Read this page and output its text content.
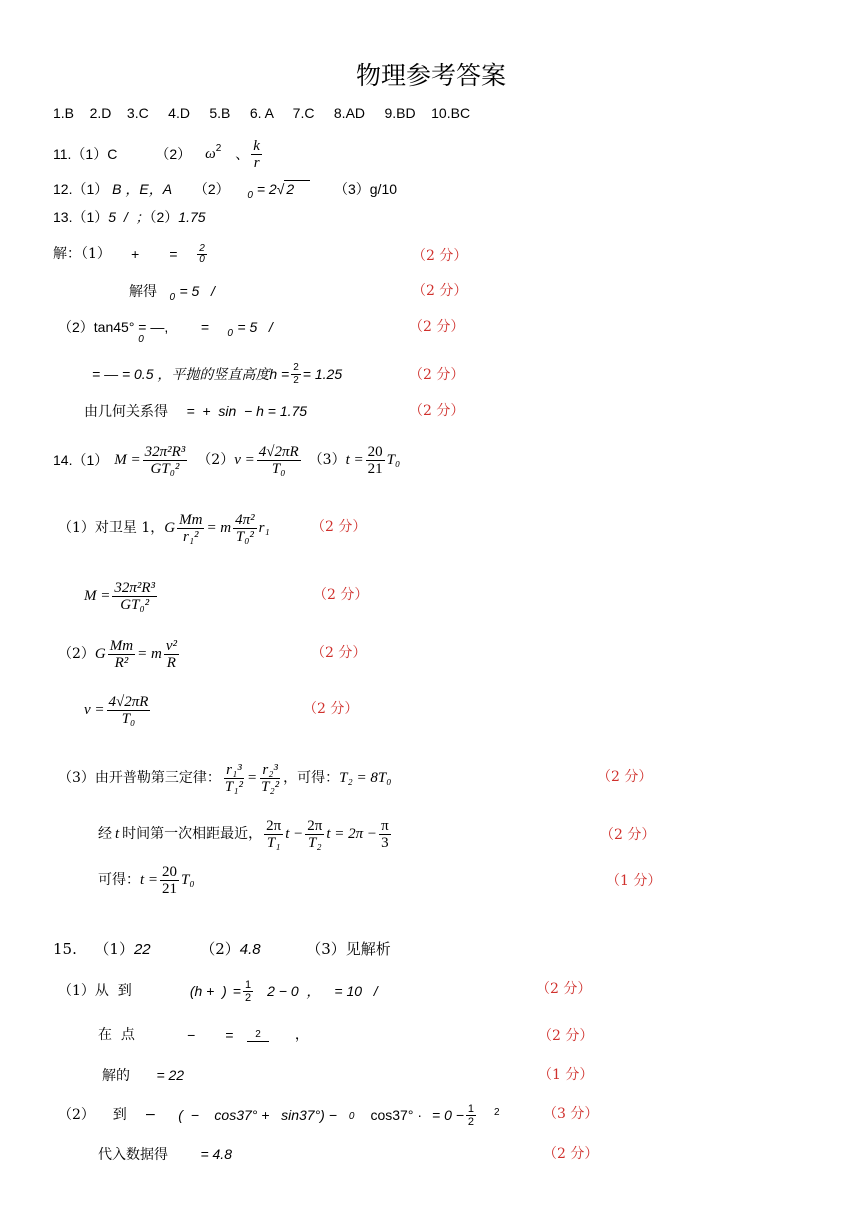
物理参考答案
1.B    2.D    3.C     4.D     5.B     6. A     7.C     8.AD     9.BD    10.BC
11.（1）C	（2） $\omega^2$ 、
k
r
12.（1） B ，E，A （2） $_0$ = 2√ 2	（3）g/10
13.（1）5  /  ；（2）1.75
解：（1） + = 2
0	（2 分）
解得 $_0$ = 5   /	（2 分）
$(2)\tan 45^\circ = —,_0 = _0 = 5$   /	（2 分）
= — = 0.5 ，平抛的竖直高度 $h = \frac{2}{2} = 1.25$	（2 分）
由几何关系得 =  +  sin  − h = 1.75	（2 分）
14.（1） $M = \frac{\text{32π²R³}}{\text{GT₀²}} (2) v = \frac{4√2\pi R}{\text{T₀}} (3) t = \frac{20}{21} T_0$
（1）对卫星 1， G $\frac{Mm}{\text{r₁²}} = m$
4π²
T₀²
r₁	（2 分）
$M = \frac{\text{32π²R³}}{\text{GT₀²}}$	（2 分）
（2） G $\frac{Mm}{\text{R²}} = m$
v²
R
（2 分）
$v = \frac{4√2\pi R}{\text{T₀}}$	（2 分）
（3）由开普勒第三定律： $\frac{\text{r₁³}}{\text{T₁²}} = \frac{\text{r₂³}}{\text{T₂²}}$ ，可得： T₂ = 8T₀	（2 分）
经 t 时间第一次相距最近，
2π
T₁
$t - \frac{2\pi}{\text{T₂}}$ $t = 2\pi - \frac{\pi}{3}$	（2 分）
可得： $t = \frac{20}{21} T_0$	（1 分）
15. （1）22	（2）4.8	（3）见解析
（1）从  到	(h +  ) = $\frac{1}{2} 2 - 0$  ， = 10   /	（2 分）
在  点	− =	2	，	（2 分）
解的 = 22	（1 分）
（2）    到    − (  −    cos37° +   sin37°) − 0 cos37° · = $0 - \frac{1}{2} 2$	（3 分）
代入数据得 = 4.8	（2 分）
